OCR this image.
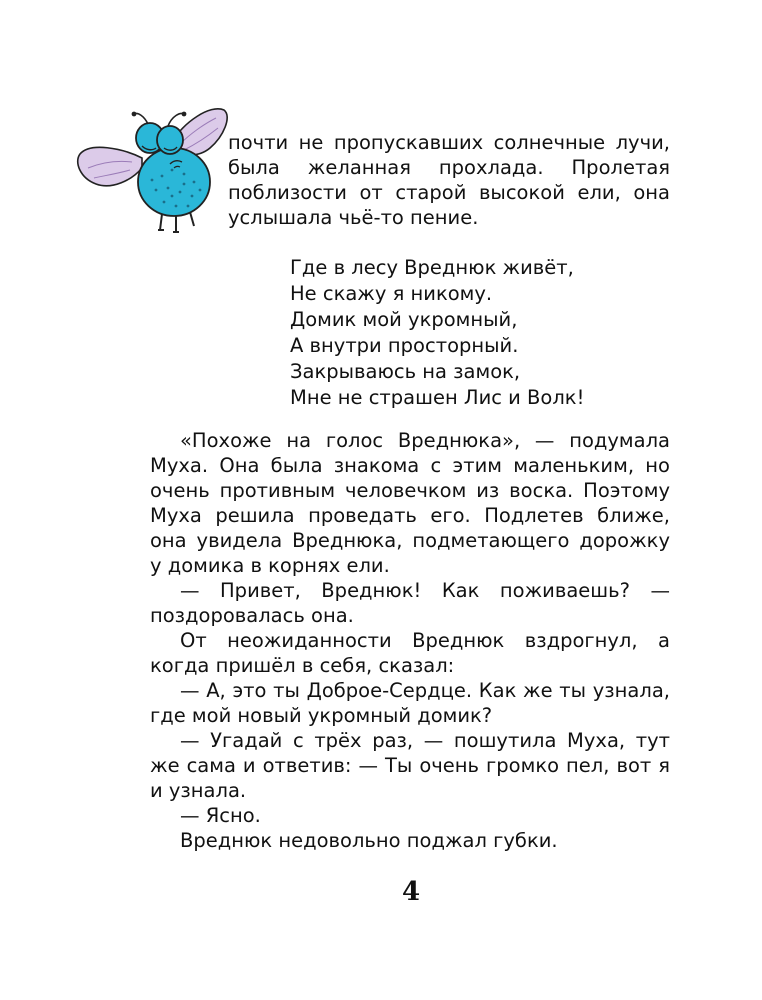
почти не пропускавших солнечные лучи, была желанная прохлада. Пролетая поблизости от старой высокой ели, она услышала чьё-то пение.

Где в лесу Вреднюк живёт,
Не скажу я никому.
Домик мой укромный,
А внутри просторный.
Закрываюсь на замок,
Мне не страшен Лис и Волк!

«Похоже на голос Вреднюка», — подумала Муха. Она была знакома с этим маленьким, но очень противным человечком из воска. Поэтому Муха решила проведать его. Подлетев ближе, она увидела Вреднюка, подметающего дорожку у домика в корнях ели.

— Привет, Вреднюк! Как поживаешь? — поздоровалась она.

От неожиданности Вреднюк вздрогнул, а когда пришёл в себя, сказал:

— А, это ты Доброе-Сердце. Как же ты узнала, где мой новый укромный домик?

— Угадай с трёх раз, — пошутила Муха, тут же сама и ответив: — Ты очень громко пел, вот я и узнала.

— Ясно.

Вреднюк недовольно поджал губки.

4
